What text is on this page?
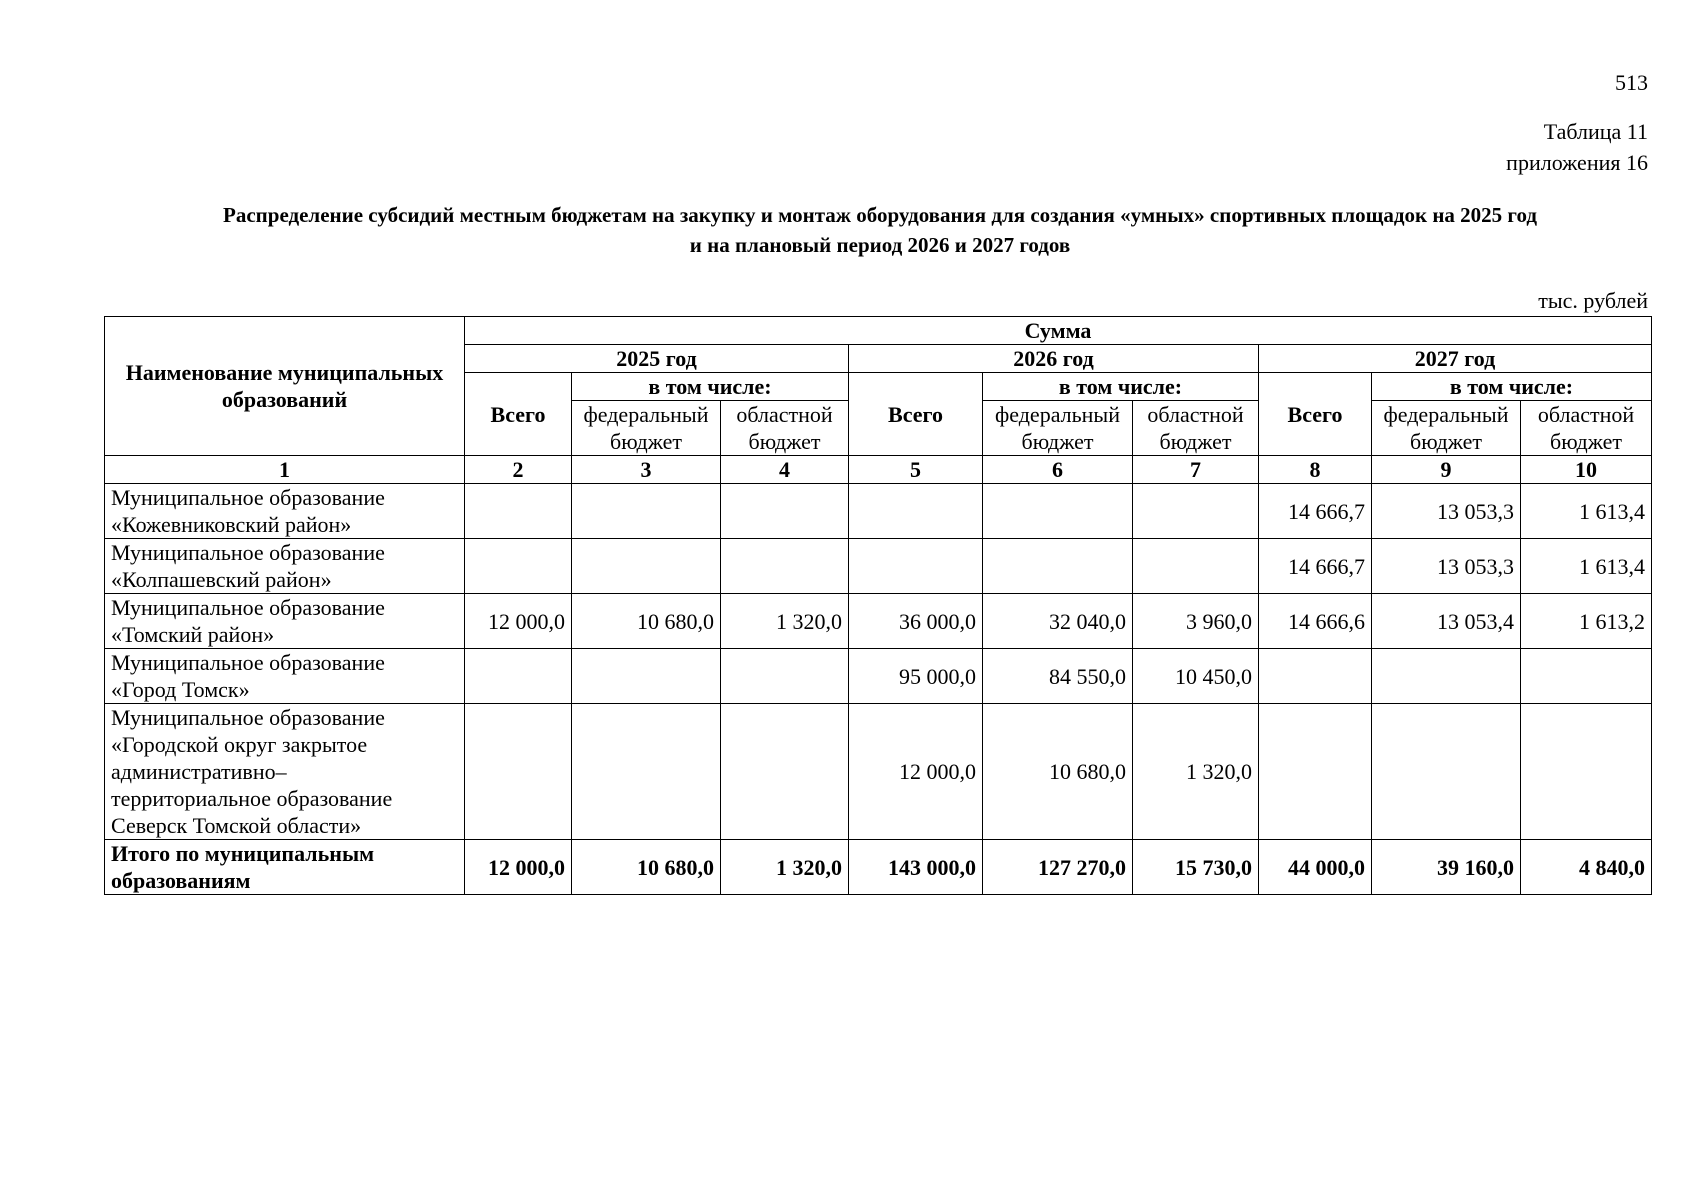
513
Таблица 11
приложения 16
Распределение субсидий местным бюджетам на закупку и монтаж оборудования для создания «умных» спортивных площадок на 2025 год
и на плановый период 2026 и 2027 годов
тыс. рублей
Наименование муниципальных образований	Сумма								
	2025 год			2026 год			2027 год		
	Всего	в том числе:		Всего	в том числе:		Всего	в том числе:	
		федеральный бюджет	областной бюджет		федеральный бюджет	областной бюджет		федеральный бюджет	областной бюджет
1	2	3	4	5	6	7	8	9	10

Муниципальное образование
«Кожевниковский район»							14 666,7	13 053,3	1 613,4

Муниципальное образование
«Колпашевский район»							14 666,7	13 053,3	1 613,4

Муниципальное образование
«Томский район»	12 000,0	10 680,0	1 320,0	36 000,0	32 040,0	3 960,0	14 666,6	13 053,4	1 613,2

Муниципальное образование
«Город Томск»				95 000,0	84 550,0	10 450,0			

Муниципальное образование
«Городской округ закрытое
административно–
территориальное образование
Северск Томской области»				12 000,0	10 680,0	1 320,0			

Итого по муниципальным
образованиям	12 000,0	10 680,0	1 320,0	143 000,0	127 270,0	15 730,0	44 000,0	39 160,0	4 840,0
